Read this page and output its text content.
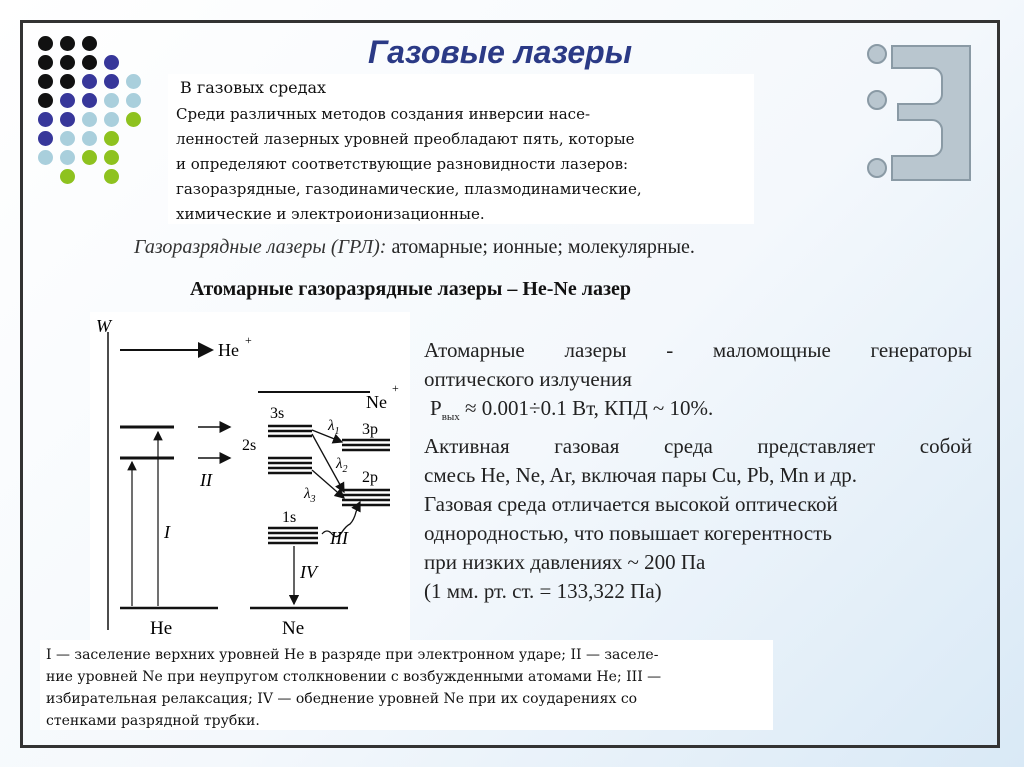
Газовые лазеры
В газовых средах
Среди различных методов создания инверсии насе-
ленностей лазерных уровней преобладают пять, которые
и определяют соответствующие разновидности лазеров:
газоразрядные, газодинамические, плазмодинамические,
химические и электроионизационные.
Газоразрядные лазеры (ГРЛ): атомарные; ионные; молекулярные.
Атомарные газоразрядные лазеры – He-Ne лазер
W
He +
He
I
II
Ne
+
3s
2s
3p
2p
1s
Ne
$\lambda_1$
$\lambda_2$
$\lambda_3$
III
IV
Атомарные лазеры - маломощные генераторы
оптического излучения
$P_{вых} \approx 0.001\div 0.1$ Вт, КПД ~ 10%.
Активная газовая среда представляет собой
смесь He, Ne, Ar, включая пары Cu, Pb, Mn и др.
Газовая среда отличается высокой оптической
однородностью, что повышает когерентность
при низких давлениях ~ 200 Па
(1 мм. рт. ст. = 133,322 Па)
I — заселение верхних уровней He в разряде при электронном ударе; II — заселе-
ние уровней Ne при неупругом столкновении с возбужденными атомами He; III —
избирательная релаксация; IV — обеднение уровней Ne при их соударениях со
стенками разрядной трубки.
